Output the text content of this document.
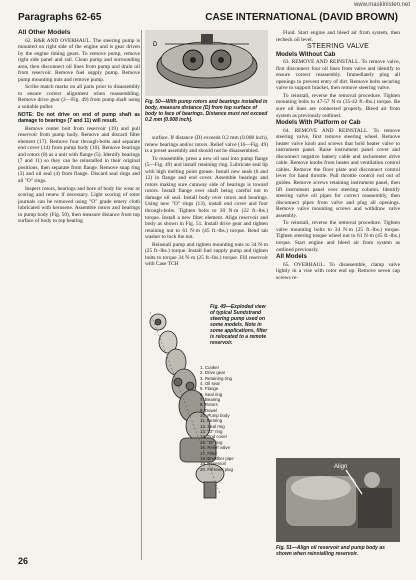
www.maskinisten.net
Paragraphs 62-65	CASE INTERNATIONAL (DAVID BROWN)

All Other Models

62. R&R AND OVERHAUL. The steering pump is mounted on right side of the engine and is gear driven by the engine timing gears. To remove pump, remove right side panel and rail. Clean pump and surrounding area, then disconnect oil lines from pump and drain oil from reservoir. Remove fuel supply pump. Remove pump mounting nuts and remove pump.

Scribe match marks on all parts prior to disassembly to ensure correct alignment when reassembling. Remove drive gear (2—Fig. 49) from pump shaft using a suitable puller.

NOTE: Do not drive on end of pump shaft as damage to bearings (7 and 11) will result.

Remove center bolt from reservoir (19) and pull reservoir from pump body. Remove and discard filter element (17). Remove four through-bolts and separate end cover (14) from pump body (10). Remove bearings and rotors (8) as a unit with flange (5). Identify bearings (7 and 11) so they can be reinstalled in their original positions, then separate from flange. Remove snap ring (3) and oil seal (4) from flange. Discard seal rings and all "O" rings.

Inspect rotors, bearings and bore of body for wear or scoring and renew if necessary. Light scoring of rotor journals can be removed using "O" grade emery cloth lubricated with kerosene. Assemble rotors and bearings in pump body (Fig. 50), then measure distance from top surface of body to top bearing

D
Fig. 50—With pump rotors and bearings installed in body, measure distance (D) from top surface of body to face of bearings. Distance must not exceed 0.2 mm (0.008 inch).

surface. If distance (D) exceeds 0.2 mm (0.008 inch), renew bearings and/or rotors. Relief valve (16—Fig. 49) is a preset assembly and should not be disassembled.

To reassemble, press a new oil seal into pump flange (5—Fig. 49) and install retaining ring. Lubricate seal lip with high melting point grease. Install new seals (6 and 12) in flange and end cover. Assemble bearings and rotors making sure cutaway side of bearings is toward rotors. Install flange over shaft being careful not to damage oil seal. Install body over rotors and bearings. Using new "O" rings (13), install end cover and four through-bolts. Tighten bolts to 30 N·m (22 ft.-lbs.) torque. Install a new filter element. Align reservoir and body as shown in Fig. 51. Install drive gear and tighten retaining nut to 61 N·m (45 ft.-lbs.) torque. Bend tab washer to lock the nut.

Reinstall pump and tighten mounting nuts to 34 N·m (25 ft.-lbs.) torque. Install fuel supply pump and tighten bolts to torque 34 N·m (25 ft.-lbs.) torque. Fill reservoir with Case TCH

Fig. 49—Exploded view of typical Sundstrand steering pump used on some models. Note in some applications, filter is relocated to a remote reservoir.
1. Cooker
2. Drive gear
3. Retaining ring
4. Oil seal
5. Flange
6. Seal ring
7. Bearing
8. Rotors
9. Dowel
10. Pump body
11. Bearing
12. Seal ring
13. "O" ring
14. End cover
15. "O" ring
16. Relief valve
17. Filter
18. Breather pipe
19. Reservoir
20. Fill-level plug

Fluid. Start engine and bleed air from system, then recheck oil level.

STEERING VALVE

Models Without Cab

63. REMOVE AND REINSTALL. To remove valve, first disconnect four oil lines from valve and identify to ensure correct reassembly. Immediately plug all openings to prevent entry of dirt. Remove bolts securing valve to support bracket, then remove steering valve.

To reinstall, reverse the removal procedure. Tighten mounting bolts to 47-57 N·m (35-42 ft.-lbs.) torque. Be sure oil lines are connected properly. Bleed air from system as previously outlined.

Models With Platform or Cab

64. REMOVE AND REINSTALL. To remove steering valve, first remove steering wheel. Remove heater valve knob and screws that hold heater valve to instrument panel. Raise instrument panel cover and disconnect negative battery cable and tachometer drive cable. Remove knobs from heater and ventilation control cables. Remove the floor plate and disconnect control lever for hand throttle. Pull throttle control rod out of guides. Remove screws retaining instrument panel, then lift instrument panel over steering column. Identify steering valve oil pipes for correct reassembly, then disconnect pipes from valve and plug all openings. Remove valve mounting screws and withdraw valve assembly.

To reinstall, reverse the removal procedure. Tighten valve mounting bolts to 34 N·m (25 ft.-lbs.) torque. Tighten steering tosque wheel nut to 61 N·m (45 ft.-lbs.) torque. Start engine and bleed air from system as outlined previously.

All Models

65. OVERHAUL. To disassemble, clamp valve lightly in a vise with rotor end up. Remove seven cap screws re-

Align
Fig. 51—Align oil reservoir and pump body as shown when reinstalling reservoir.
26
